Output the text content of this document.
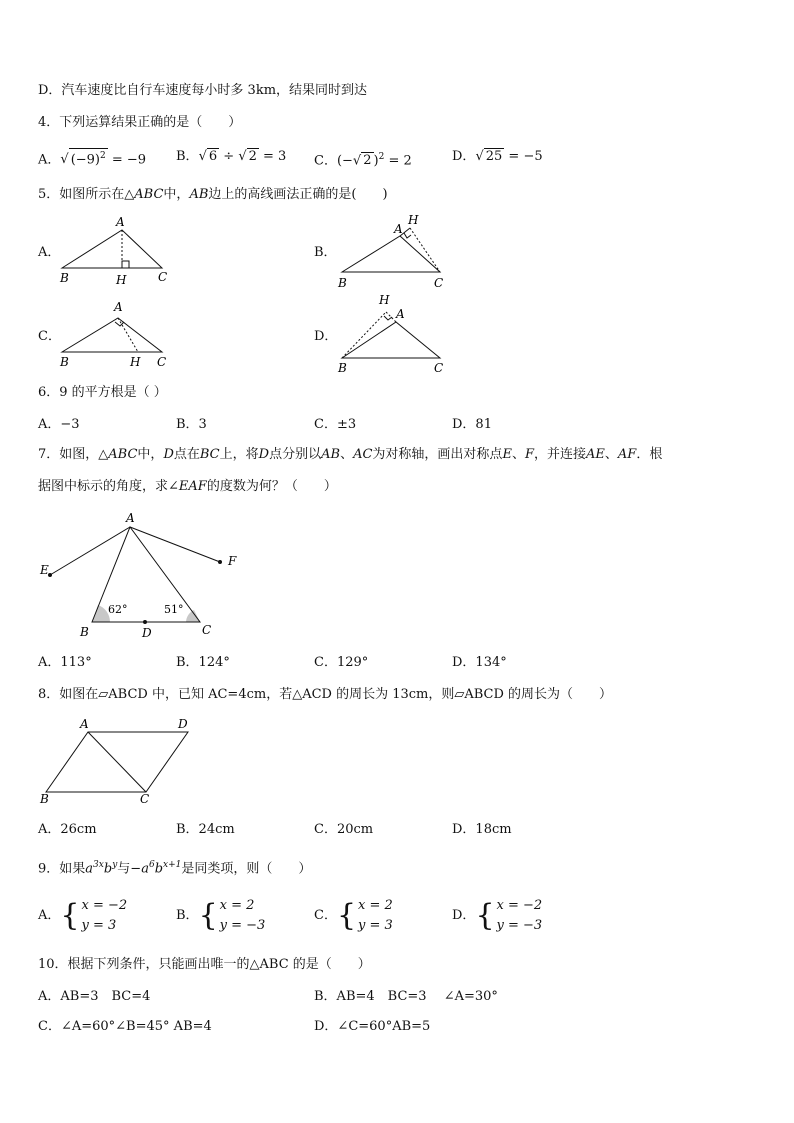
D．汽车速度比自行车速度每小时多 3km，结果同时到达
4．下列运算结果正确的是（　　）
A．√ $(-9)^2 = -9$ B．√ 6 ÷ √ 2 = 3 C．(−√ 2 )$^2$ = 2	D．√ 25 = −5
5．如图所示在△ABC中，AB边上的高线画法正确的是(　　)
A．	B．
C．	D．
A
B	H	C
A
H
B	C
A
B	H C
H
A
B	C
A
E
F
B	D	C
62°	51°
A	D
B	C
6．9 的平方根是（ ）
A．−3	B．3	C．±3	D．81
7．如图，△ABC中，D点在BC上，将D点分别以AB、AC为对称轴，画出对称点E、F，并连接AE、AF．根
据图中标示的角度，求∠EAF的度数为何？（　　）
A．113°	B．124°	C．129°	D．134°
8．如图在▱ABCD 中，已知 AC=4cm，若△ACD 的周长为 13cm，则▱ABCD 的周长为（　　）
A．26cm	B．24cm	C．20cm	D．18cm
9．如果$a^{3x}b^y$与$-a^6b^{x+1}$是同类项，则（　　）
A．{ x = −2
y = 3
B．{ x = 2
y = −3
C．{ x = 2
y = 3
D．{ x = −2
y = −3
10．根据下列条件，只能画出唯一的△ABC 的是（　　）
A．AB=3　BC=4	B．AB=4　BC=3　 ∠A=30°
C．∠A=60°∠B=45° AB=4	D．∠C=60°AB=5
